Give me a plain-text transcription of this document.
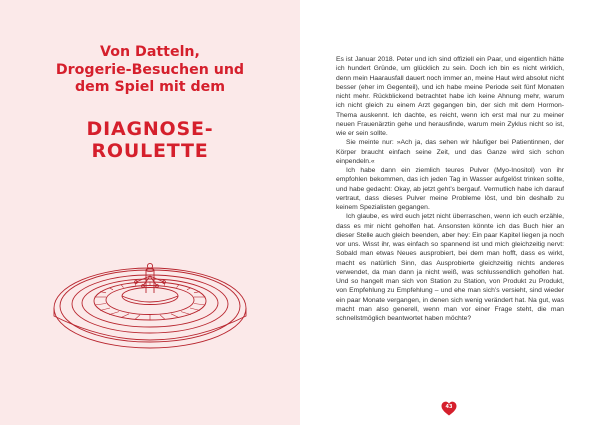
Von Datteln,
Drogerie-Besuchen und
dem Spiel mit dem
DIAGNOSE-
ROULETTE

Es ist Januar 2018. Peter und ich sind offiziell ein Paar, und eigentlich hätte ich hundert Gründe, um glücklich zu sein. Doch ich bin es nicht wirklich, denn mein Haarausfall dauert noch immer an, meine Haut wird absolut nicht besser (eher im Gegenteil), und ich habe meine Periode seit fünf Monaten nicht mehr. Rückblickend betrachtet habe ich keine Ahnung mehr, warum ich nicht gleich zu einem Arzt gegangen bin, der sich mit dem Hormon-Thema auskennt. Ich dachte, es reicht, wenn ich erst mal nur zu meiner neuen Frauenärztin gehe und herausfinde, warum mein Zyklus nicht so ist, wie er sein sollte.

Sie meinte nur: »Ach ja, das sehen wir häufiger bei Patientinnen, der Körper braucht einfach seine Zeit, und das Ganze wird sich schon einpendeln.«

Ich habe dann ein ziemlich teures Pulver (Myo-Inositol) von ihr empfohlen bekommen, das ich jeden Tag in Wasser aufgelöst trinken sollte, und habe gedacht: Okay, ab jetzt geht’s bergauf. Vermutlich habe ich darauf vertraut, dass dieses Pulver meine Probleme löst, und bin deshalb zu keinem Spezialisten gegangen.

Ich glaube, es wird euch jetzt nicht überraschen, wenn ich euch erzähle, dass es mir nicht geholfen hat. Ansonsten könnte ich das Buch hier an dieser Stelle auch gleich beenden, aber hey: Ein paar Kapitel liegen ja noch vor uns. Wisst ihr, was einfach so spannend ist und mich gleichzeitig nervt: Sobald man etwas Neues ausprobiert, bei dem man hofft, dass es wirkt, macht es natürlich Sinn, das Ausprobierte gleichzeitig nichts anderes verwendet, da man dann ja nicht weiß, was schlussendlich geholfen hat. Und so hangelt man sich von Station zu Station, von Produkt zu Produkt, von Empfehlung zu Empfehlung – und ehe man sich’s versieht, sind wieder ein paar Monate vergangen, in denen sich wenig verändert hat. Na gut, was macht man also generell, wenn man vor einer Frage steht, die man schnellstmöglich beantwortet haben möchte?

43
